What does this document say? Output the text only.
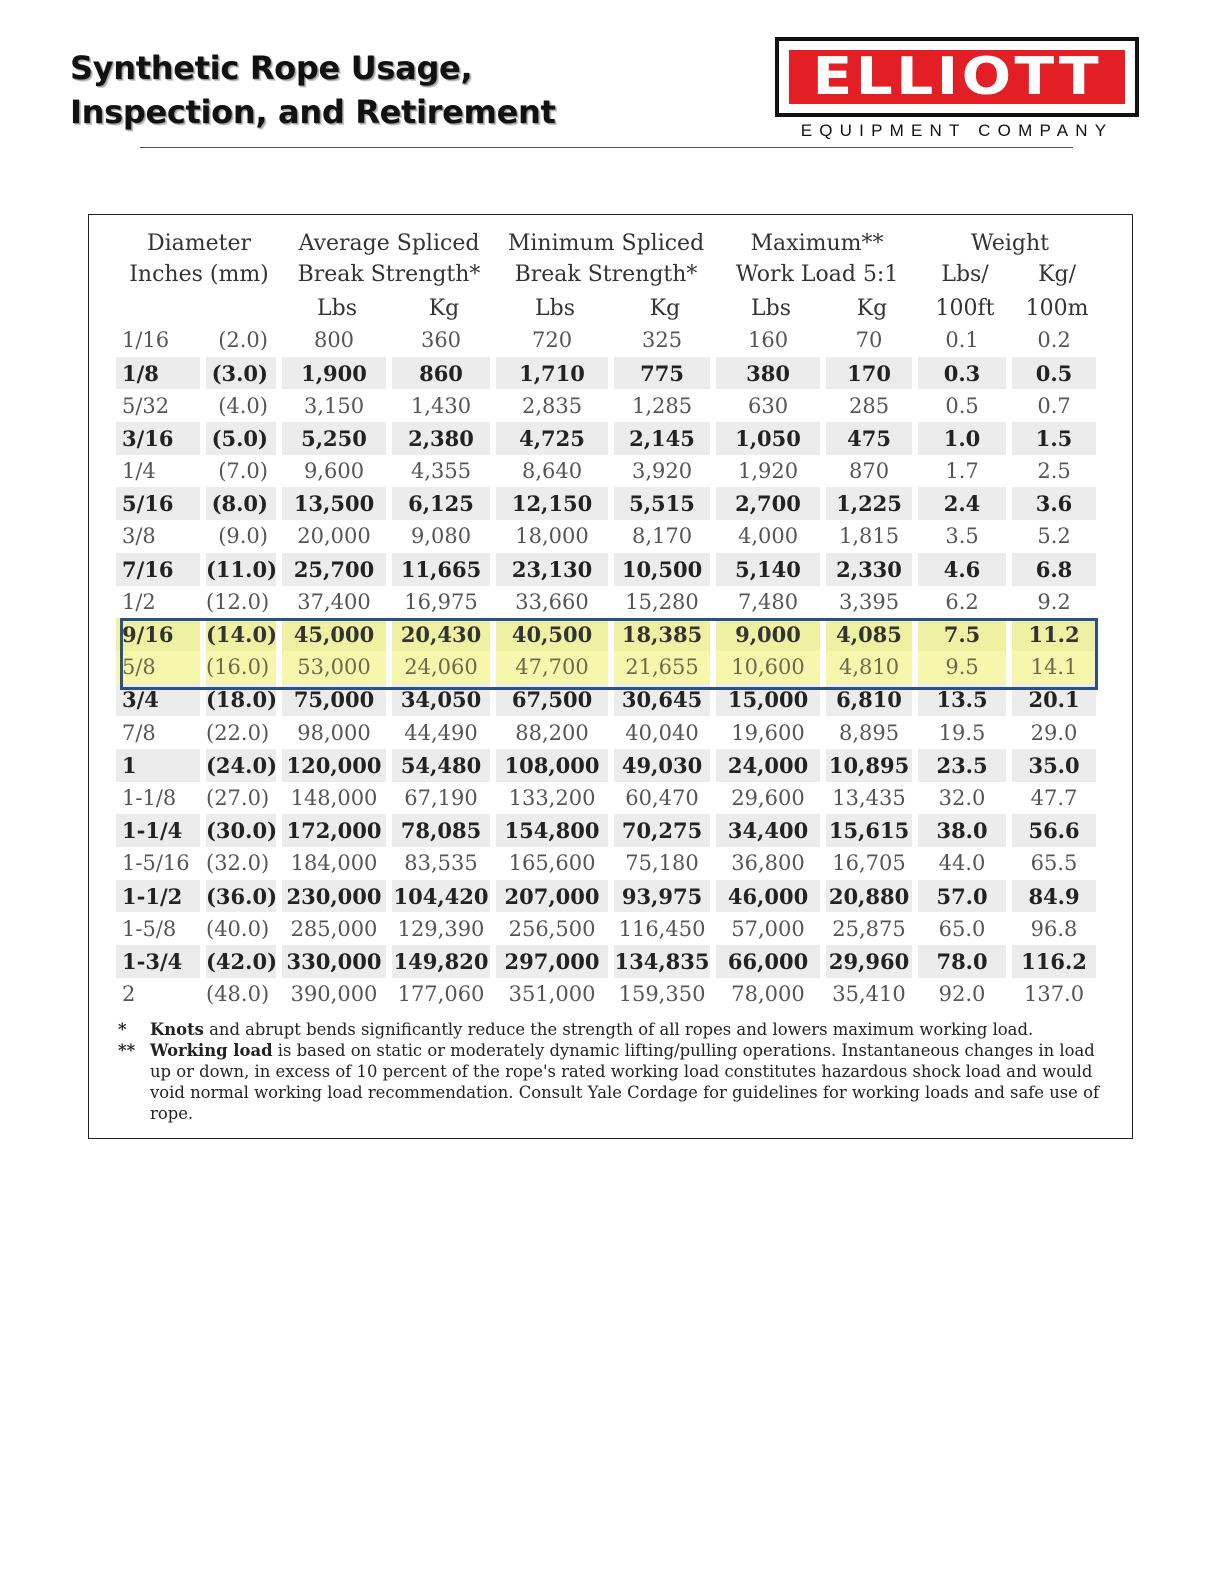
Synthetic Rope Usage,
Inspection, and Retirement
ELLIOTT
EQUIPMENT COMPANY
Diameter		Average Spliced		Minimum Spliced		Maximum**		Weight	
Inches (mm)		Break Strength*		Break Strength*		Work Load 5:1		Lbs/	Kg/
		Lbs	Kg	Lbs	Kg	Lbs	Kg	100ft	100m
1/16	(2.0)	800	360	720	325	160	70	0.1	0.2
1/8	(3.0)	1,900	860	1,710	775	380	170	0.3	0.5
5/32	(4.0)	3,150	1,430	2,835	1,285	630	285	0.5	0.7
3/16	(5.0)	5,250	2,380	4,725	2,145	1,050	475	1.0	1.5
1/4	(7.0)	9,600	4,355	8,640	3,920	1,920	870	1.7	2.5
5/16	(8.0)	13,500	6,125	12,150	5,515	2,700	1,225	2.4	3.6
3/8	(9.0)	20,000	9,080	18,000	8,170	4,000	1,815	3.5	5.2
7/16	(11.0)	25,700	11,665	23,130	10,500	5,140	2,330	4.6	6.8
1/2	(12.0)	37,400	16,975	33,660	15,280	7,480	3,395	6.2	9.2
9/16	(14.0)	45,000	20,430	40,500	18,385	9,000	4,085	7.5	11.2
5/8	(16.0)	53,000	24,060	47,700	21,655	10,600	4,810	9.5	14.1
3/4	(18.0)	75,000	34,050	67,500	30,645	15,000	6,810	13.5	20.1
7/8	(22.0)	98,000	44,490	88,200	40,040	19,600	8,895	19.5	29.0
1	(24.0)	120,000	54,480	108,000	49,030	24,000	10,895	23.5	35.0
1-1/8	(27.0)	148,000	67,190	133,200	60,470	29,600	13,435	32.0	47.7
1-1/4	(30.0)	172,000	78,085	154,800	70,275	34,400	15,615	38.0	56.6
1-5/16	(32.0)	184,000	83,535	165,600	75,180	36,800	16,705	44.0	65.5
1-1/2	(36.0)	230,000	104,420	207,000	93,975	46,000	20,880	57.0	84.9
1-5/8	(40.0)	285,000	129,390	256,500	116,450	57,000	25,875	65.0	96.8
1-3/4	(42.0)	330,000	149,820	297,000	134,835	66,000	29,960	78.0	116.2
2	(48.0)	390,000	177,060	351,000	159,350	78,000	35,410	92.0	137.0
* Knots and abrupt bends significantly reduce the strength of all ropes and lowers maximum working load.
** Working load is based on static or moderately dynamic lifting/pulling operations. Instantaneous changes in load up or down, in excess of 10 percent of the rope's rated working load constitutes hazardous shock load and would void normal working load recommendation. Consult Yale Cordage for guidelines for working loads and safe use of rope.
